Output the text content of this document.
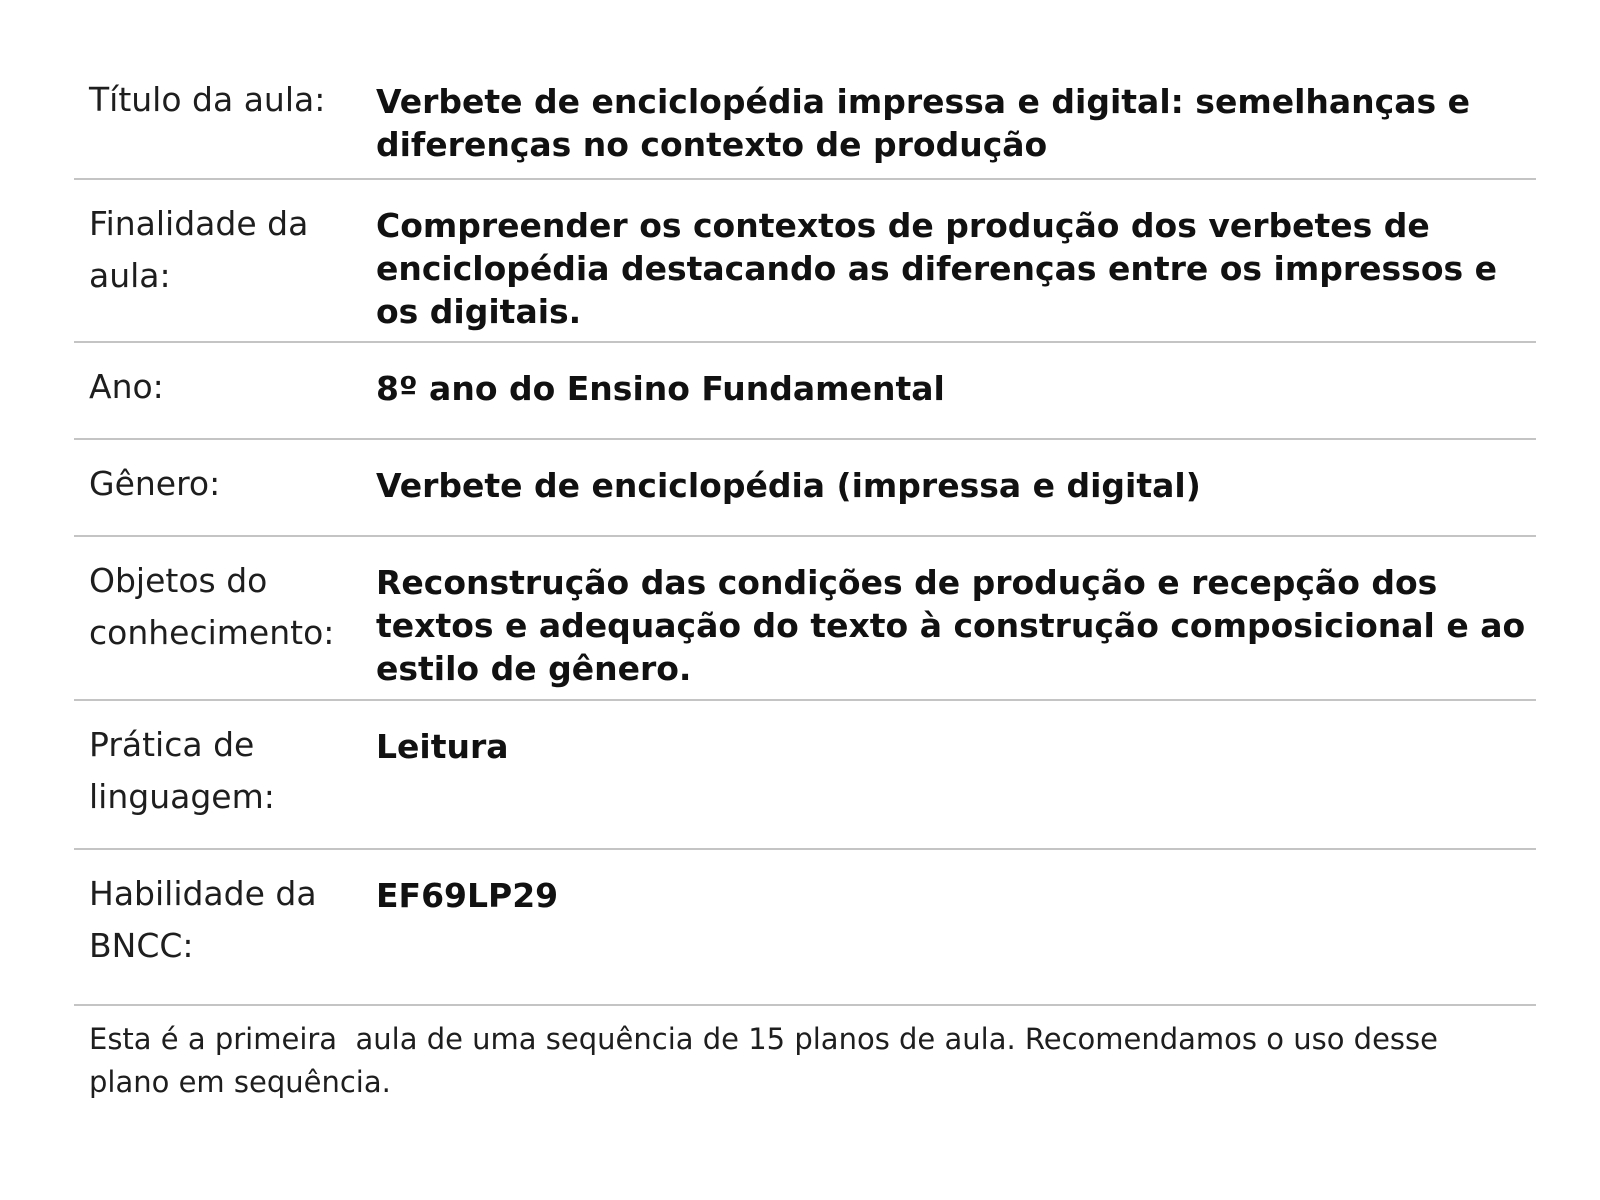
Título da aula:	Verbete de enciclopédia impressa e digital: semelhanças e diferenças no contexto de produção
Finalidade da aula:
Compreender os contextos de produção dos verbetes de enciclopédia destacando as diferenças entre os impressos e os digitais.
Ano:	8º ano do Ensino Fundamental
Gênero:	Verbete de enciclopédia (impressa e digital)
Objetos do conhecimento:
Reconstrução das condições de produção e recepção dos textos e adequação do texto à construção composicional e ao estilo de gênero.
Prática de linguagem:
Leitura
Habilidade da BNCC:
EF69LP29
Esta é a primeira  aula de uma sequência de 15 planos de aula. Recomendamos o uso desse plano em sequência.
